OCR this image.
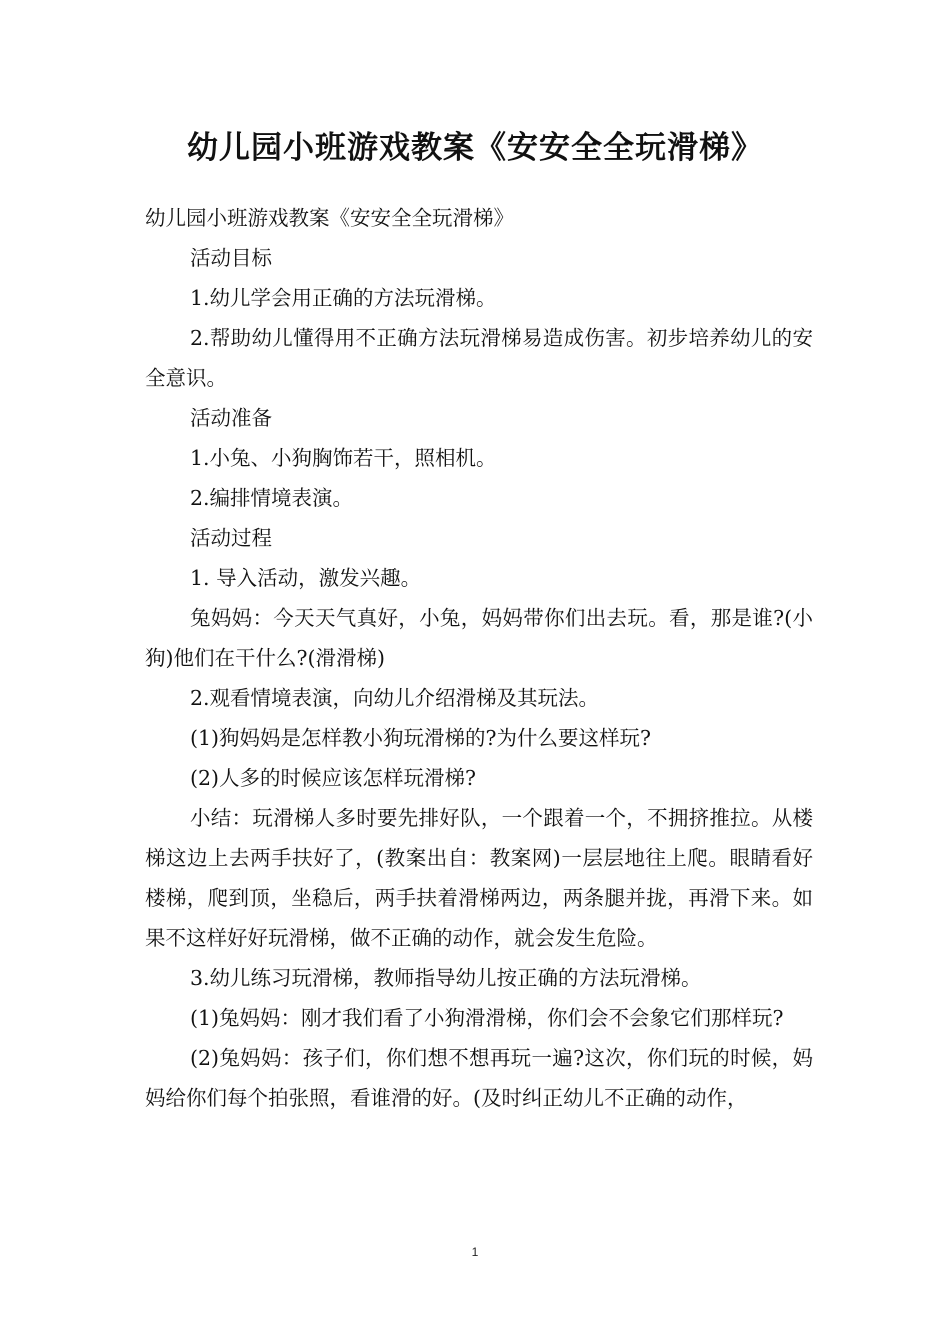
幼儿园小班游戏教案《安安全全玩滑梯》

幼儿园小班游戏教案《安安全全玩滑梯》

活动目标

1.幼儿学会用正确的方法玩滑梯。

2.帮助幼儿懂得用不正确方法玩滑梯易造成伤害。初步培养幼儿的安全意识。

活动准备

1.小兔、小狗胸饰若干，照相机。

2.编排情境表演。

活动过程

1. 导入活动，激发兴趣。

兔妈妈：今天天气真好，小兔，妈妈带你们出去玩。看，那是谁?(小狗)他们在干什么?(滑滑梯)

2.观看情境表演，向幼儿介绍滑梯及其玩法。

(1)狗妈妈是怎样教小狗玩滑梯的?为什么要这样玩?

(2)人多的时候应该怎样玩滑梯?

小结：玩滑梯人多时要先排好队，一个跟着一个，不拥挤推拉。从楼梯这边上去两手扶好了，(教案出自：教案网)一层层地往上爬。眼睛看好楼梯，爬到顶，坐稳后，两手扶着滑梯两边，两条腿并拢，再滑下来。如果不这样好好玩滑梯，做不正确的动作，就会发生危险。

3.幼儿练习玩滑梯，教师指导幼儿按正确的方法玩滑梯。

(1)兔妈妈：刚才我们看了小狗滑滑梯，你们会不会象它们那样玩?

(2)兔妈妈：孩子们，你们想不想再玩一遍?这次，你们玩的时候，妈妈给你们每个拍张照，看谁滑的好。(及时纠正幼儿不正确的动作，

1
